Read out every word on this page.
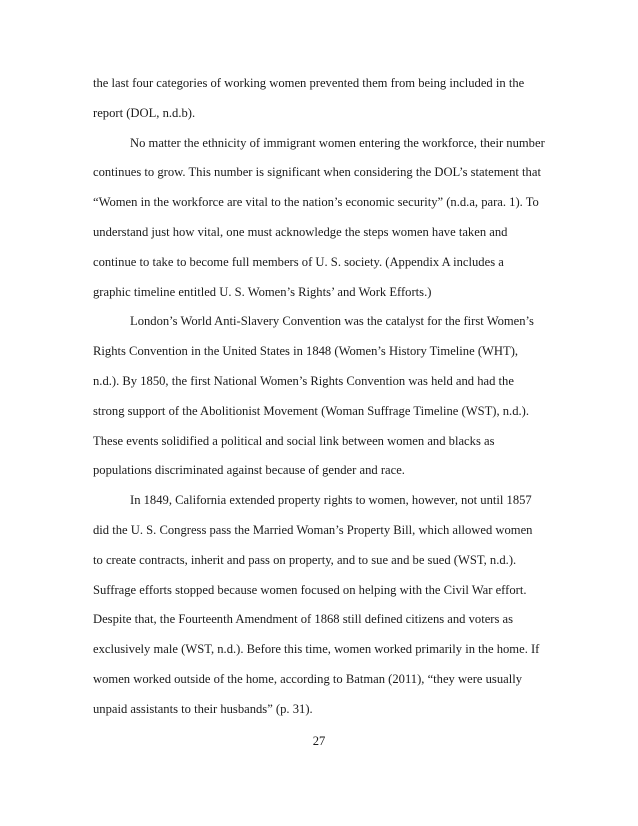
the last four categories of working women prevented them from being included in the
report (DOL, n.d.b).
No matter the ethnicity of immigrant women entering the workforce, their number
continues to grow. This number is significant when considering the DOL’s statement that
“Women in the workforce are vital to the nation’s economic security” (n.d.a, para. 1). To
understand just how vital, one must acknowledge the steps women have taken and
continue to take to become full members of U. S. society. (Appendix A includes a
graphic timeline entitled U. S. Women’s Rights’ and Work Efforts.)
London’s World Anti-Slavery Convention was the catalyst for the first Women’s
Rights Convention in the United States in 1848 (Women’s History Timeline (WHT),
n.d.). By 1850, the first National Women’s Rights Convention was held and had the
strong support of the Abolitionist Movement (Woman Suffrage Timeline (WST), n.d.).
These events solidified a political and social link between women and blacks as
populations discriminated against because of gender and race.
In 1849, California extended property rights to women, however, not until 1857
did the U. S. Congress pass the Married Woman’s Property Bill, which allowed women
to create contracts, inherit and pass on property, and to sue and be sued (WST, n.d.).
Suffrage efforts stopped because women focused on helping with the Civil War effort.
Despite that, the Fourteenth Amendment of 1868 still defined citizens and voters as
exclusively male (WST, n.d.). Before this time, women worked primarily in the home. If
women worked outside of the home, according to Batman (2011), “they were usually
unpaid assistants to their husbands” (p. 31).
27
